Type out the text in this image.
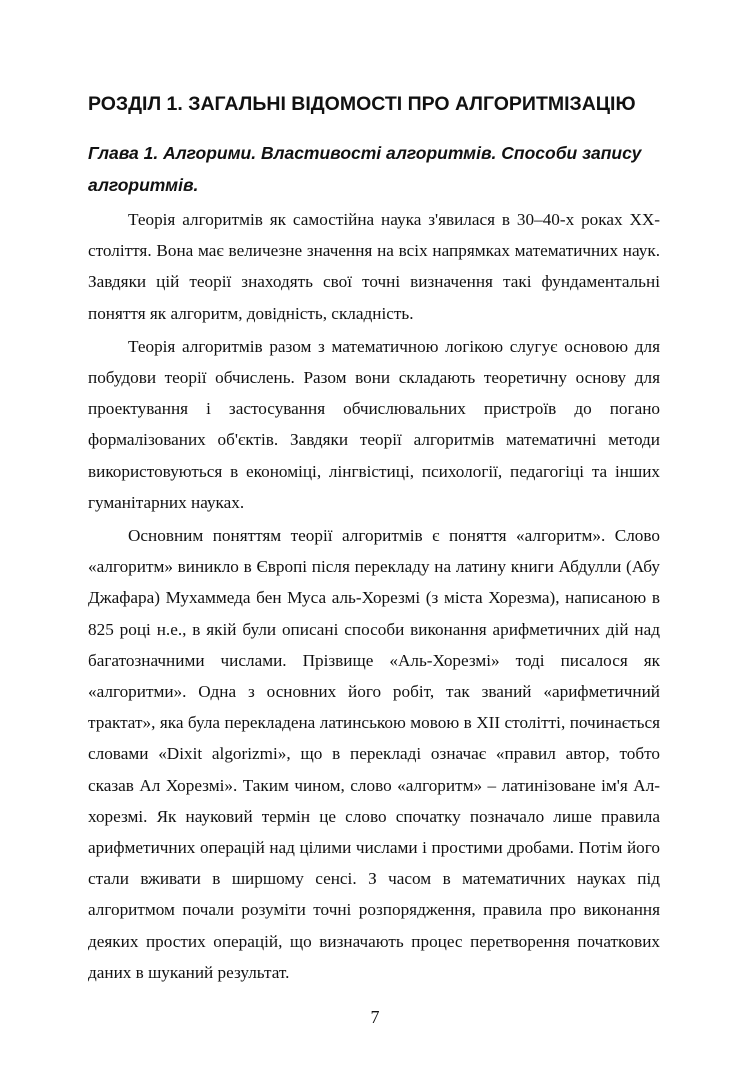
РОЗДІЛ 1. ЗАГАЛЬНІ ВІДОМОСТІ ПРО АЛГОРИТМІЗАЦІЮ
Глава 1. Алгорими. Властивості алгоритмів. Способи запису алгоритмів.

Теорія алгоритмів як самостійна наука з'явилася в 30–40-х роках XX-століття. Вона має величезне значення на всіх напрямках математичних наук. Завдяки цій теорії знаходять свої точні визначення такі фундаментальні поняття як алгоритм, довідність, складність.

Теорія алгоритмів разом з математичною логікою слугує основою для побудови теорії обчислень. Разом вони складають теоретичну основу для проектування і застосування обчислювальних пристроїв до погано формалізованих об'єктів. Завдяки теорії алгоритмів математичні методи використовуються в економіці, лінгвістиці, психології, педагогіці та інших гуманітарних науках.

Основним поняттям теорії алгоритмів є поняття «алгоритм». Слово «алгоритм» виникло в Європі після перекладу на латину книги Абдулли (Абу Джафара) Мухаммеда бен Муса аль-Хорезмі (з міста Хорезма), написаною в 825 році н.е., в якій були описані способи виконання арифметичних дій над багатозначними числами. Прізвище «Аль-Хорезмі» тоді писалося як «алгоритми». Одна з основних його робіт, так званий «арифметичний трактат», яка була перекладена латинською мовою в XII столітті, починається словами «Dixit algorizmi», що в перекладі означає «правил автор, тобто сказав Ал Хорезмі». Таким чином, слово «алгоритм» – латинізоване ім'я Ал-хорезмі. Як науковий термін це слово спочатку позначало лише правила арифметичних операцій над цілими числами і простими дробами. Потім його стали вживати в ширшому сенсі. З часом в математичних науках під алгоритмом почали розуміти точні розпорядження, правила про виконання деяких простих операцій, що визначають процес перетворення початкових даних в шуканий результат.

7
